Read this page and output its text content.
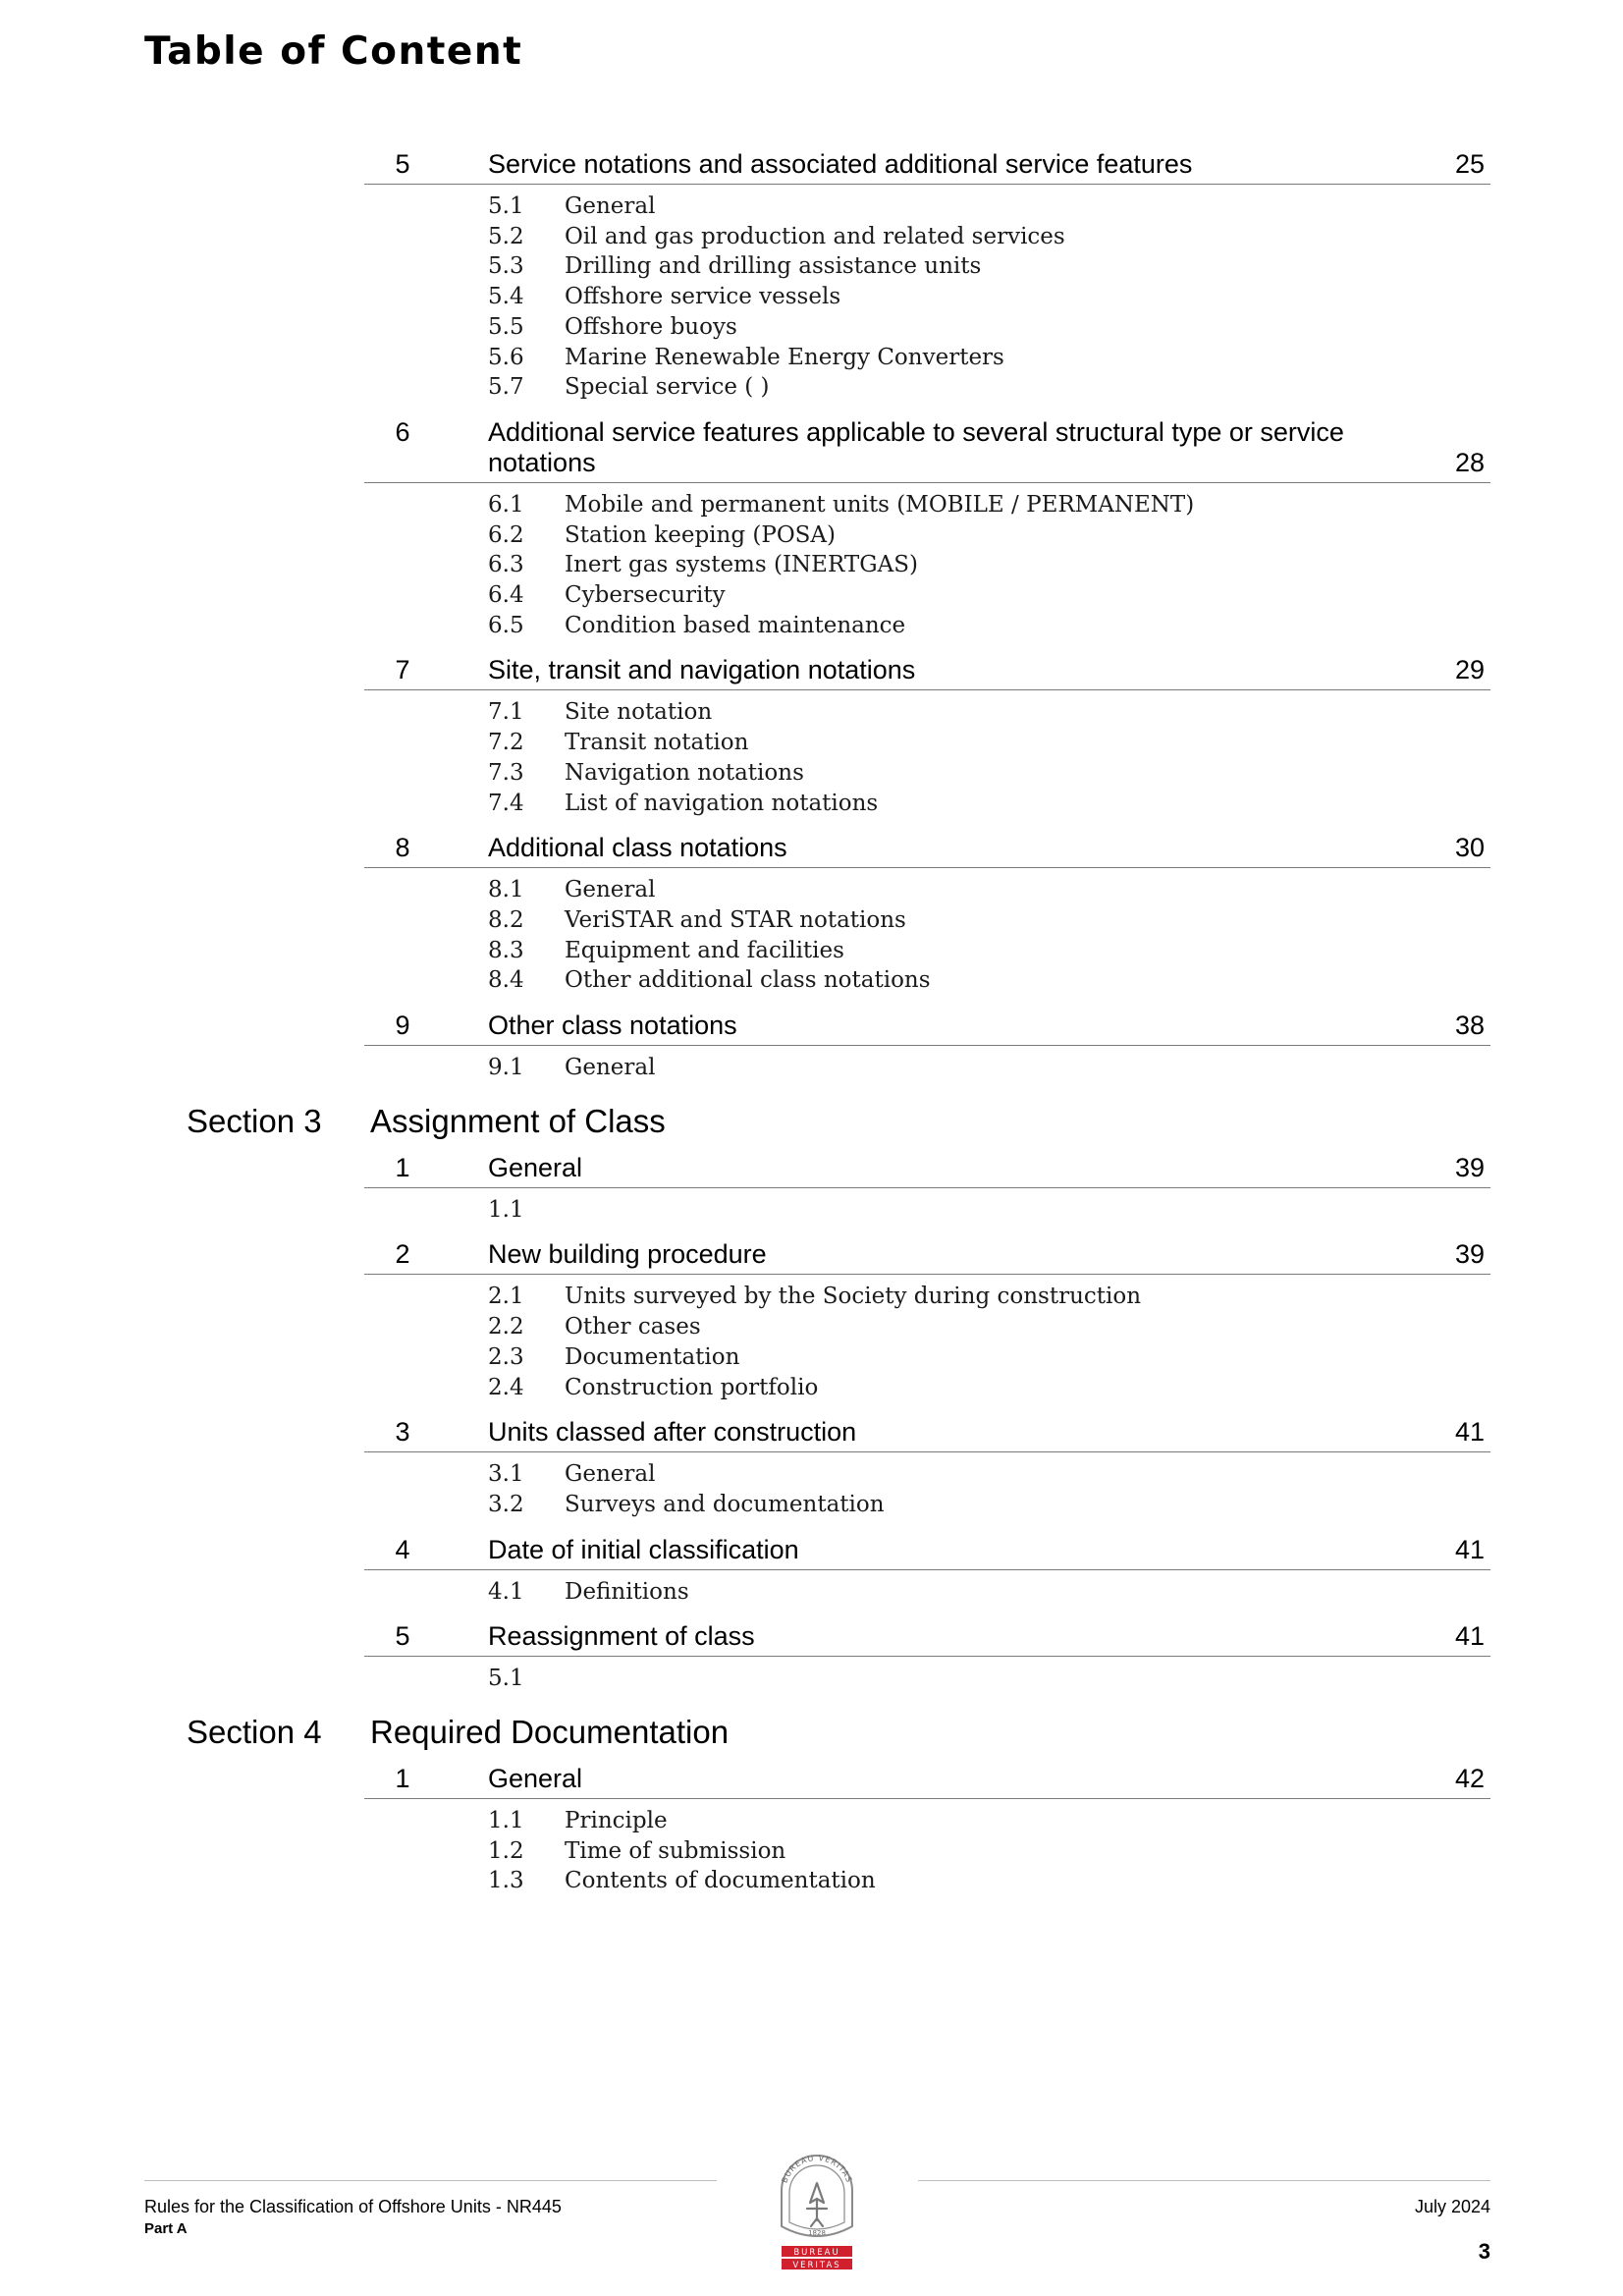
Table of Content
5	Service notations and associated additional service features	25
5.1 General
5.2 Oil and gas production and related services
5.3 Drilling and drilling assistance units
5.4 Offshore service vessels
5.5 Offshore buoys
5.6 Marine Renewable Energy Converters
5.7 Special service ( )
6	Additional service features applicable to several structural type or service notations	28
6.1 Mobile and permanent units (MOBILE / PERMANENT)
6.2 Station keeping (POSA)
6.3 Inert gas systems (INERTGAS)
6.4 Cybersecurity
6.5 Condition based maintenance
7	Site, transit and navigation notations	29
7.1 Site notation
7.2 Transit notation
7.3 Navigation notations
7.4 List of navigation notations
8	Additional class notations	30
8.1 General
8.2 VeriSTAR and STAR notations
8.3 Equipment and facilities
8.4 Other additional class notations
9	Other class notations	38
9.1 General
Section 3	Assignment of Class
1	General	39
1.1
2	New building procedure	39
2.1 Units surveyed by the Society during construction
2.2 Other cases
2.3 Documentation
2.4 Construction portfolio
3	Units classed after construction	41
3.1 General
3.2 Surveys and documentation
4	Date of initial classification	41
4.1 Definitions
5	Reassignment of class	41
5.1
Section 4	Required Documentation
1	General	42
1.1 Principle
1.2 Time of submission
1.3 Contents of documentation
Rules for the Classification of Offshore Units - NR445
Part A
July 2024
3
BUREAU VERITAS
1828
BUREAU
VERITAS
